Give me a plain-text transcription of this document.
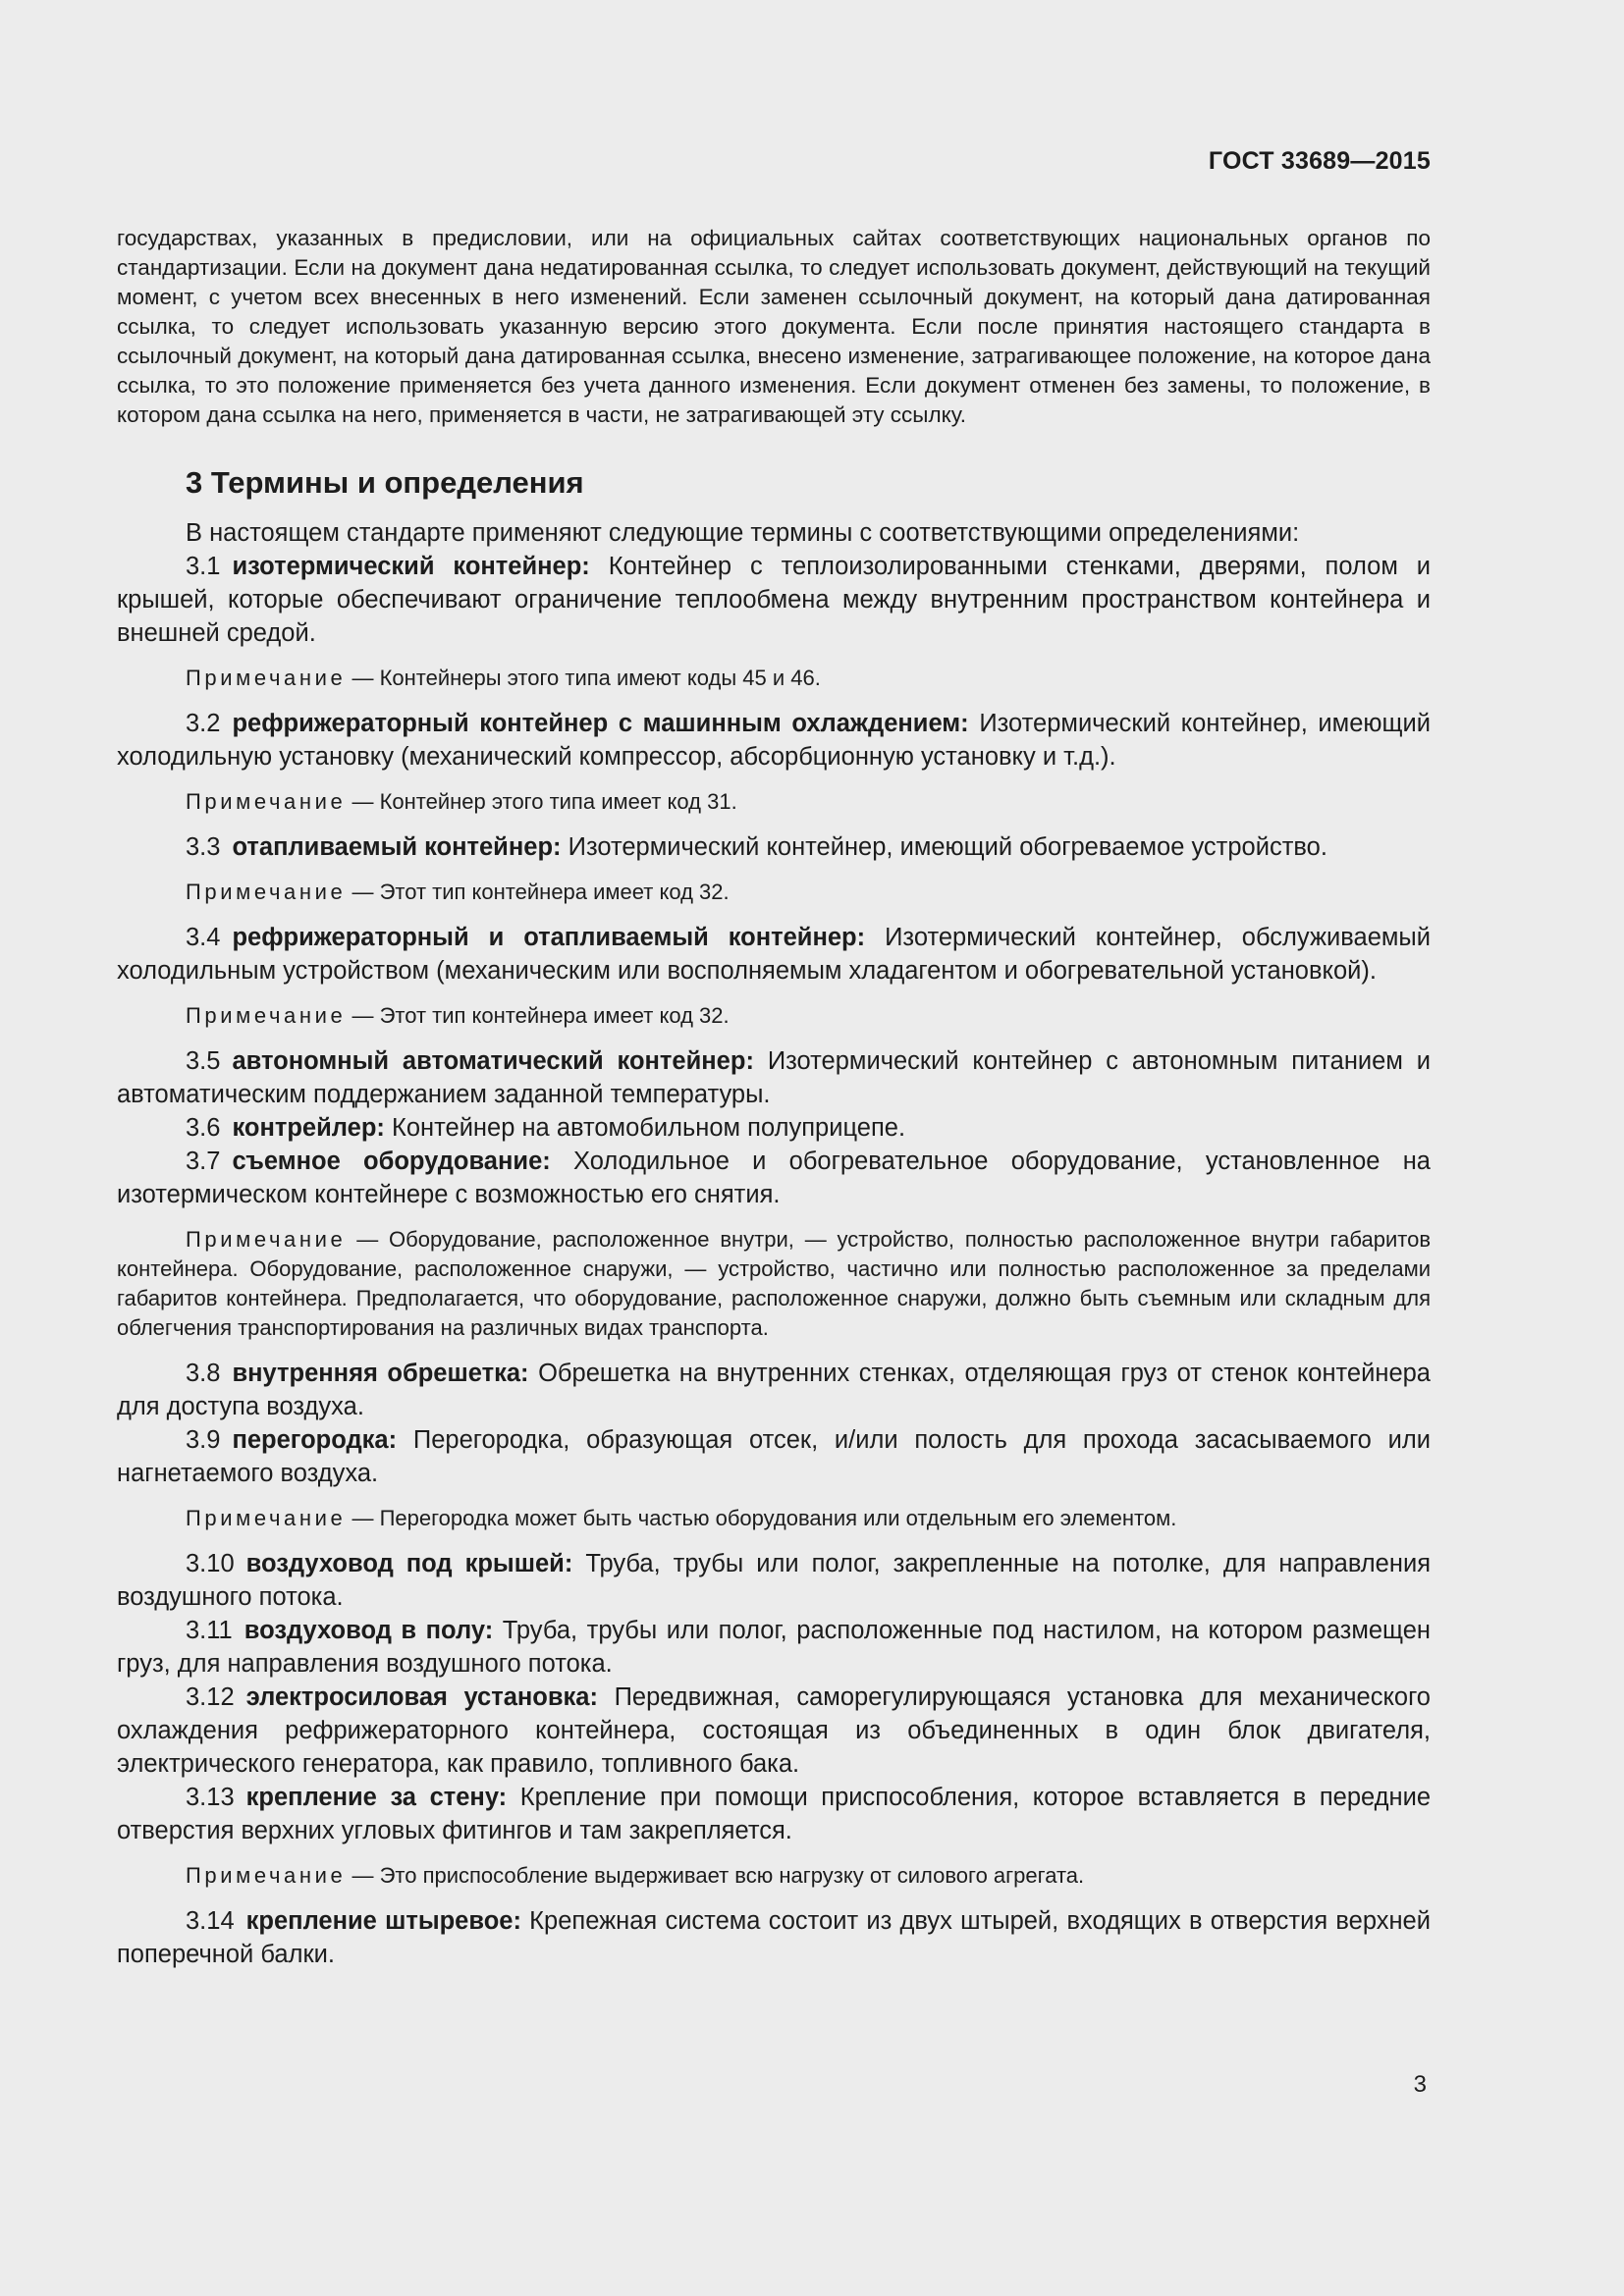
ГОСТ 33689—2015

государствах, указанных в предисловии, или на официальных сайтах соответствующих национальных органов по стандартизации. Если на документ дана недатированная ссылка, то следует использовать документ, действующий на текущий момент, с учетом всех внесенных в него изменений. Если заменен ссылочный документ, на который дана датированная ссылка, то следует использовать указанную версию этого документа. Если после принятия настоящего стандарта в ссылочный документ, на который дана датированная ссылка, внесено изменение, затрагивающее положение, на которое дана ссылка, то это положение применяется без учета данного изменения. Если документ отменен без замены, то положение, в котором дана ссылка на него, применяется в части, не затрагивающей эту ссылку.

3 Термины и определения

В настоящем стандарте применяют следующие термины с соответствующими определениями:

3.1 изотермический контейнер: Контейнер с теплоизолированными стенками, дверями, полом и крышей, которые обеспечивают ограничение теплообмена между внутренним пространством контейнера и внешней средой.

Примечание — Контейнеры этого типа имеют коды 45 и 46.

3.2 рефрижераторный контейнер с машинным охлаждением: Изотермический контейнер, имеющий холодильную установку (механический компрессор, абсорбционную установку и т.д.).

Примечание — Контейнер этого типа имеет код 31.

3.3 отапливаемый контейнер: Изотермический контейнер, имеющий обогреваемое устройство.

Примечание — Этот тип контейнера имеет код 32.

3.4 рефрижераторный и отапливаемый контейнер: Изотермический контейнер, обслуживаемый холодильным устройством (механическим или восполняемым хладагентом и обогревательной установкой).

Примечание — Этот тип контейнера имеет код 32.

3.5 автономный автоматический контейнер: Изотермический контейнер с автономным питанием и автоматическим поддержанием заданной температуры.

3.6 контрейлер: Контейнер на автомобильном полуприцепе.

3.7 съемное оборудование: Холодильное и обогревательное оборудование, установленное на изотермическом контейнере с возможностью его снятия.

Примечание — Оборудование, расположенное внутри, — устройство, полностью расположенное внутри габаритов контейнера. Оборудование, расположенное снаружи, — устройство, частично или полностью расположенное за пределами габаритов контейнера. Предполагается, что оборудование, расположенное снаружи, должно быть съемным или складным для облегчения транспортирования на различных видах транспорта.

3.8 внутренняя обрешетка: Обрешетка на внутренних стенках, отделяющая груз от стенок контейнера для доступа воздуха.

3.9 перегородка: Перегородка, образующая отсек, и/или полость для прохода засасываемого или нагнетаемого воздуха.

Примечание — Перегородка может быть частью оборудования или отдельным его элементом.

3.10 воздуховод под крышей: Труба, трубы или полог, закрепленные на потолке, для направления воздушного потока.

3.11 воздуховод в полу: Труба, трубы или полог, расположенные под настилом, на котором размещен груз, для направления воздушного потока.

3.12 электросиловая установка: Передвижная, саморегулирующаяся установка для механического охлаждения рефрижераторного контейнера, состоящая из объединенных в один блок двигателя, электрического генератора, как правило, топливного бака.

3.13 крепление за стену: Крепление при помощи приспособления, которое вставляется в передние отверстия верхних угловых фитингов и там закрепляется.

Примечание — Это приспособление выдерживает всю нагрузку от силового агрегата.

3.14 крепление штыревое: Крепежная система состоит из двух штырей, входящих в отверстия верхней поперечной балки.

3
